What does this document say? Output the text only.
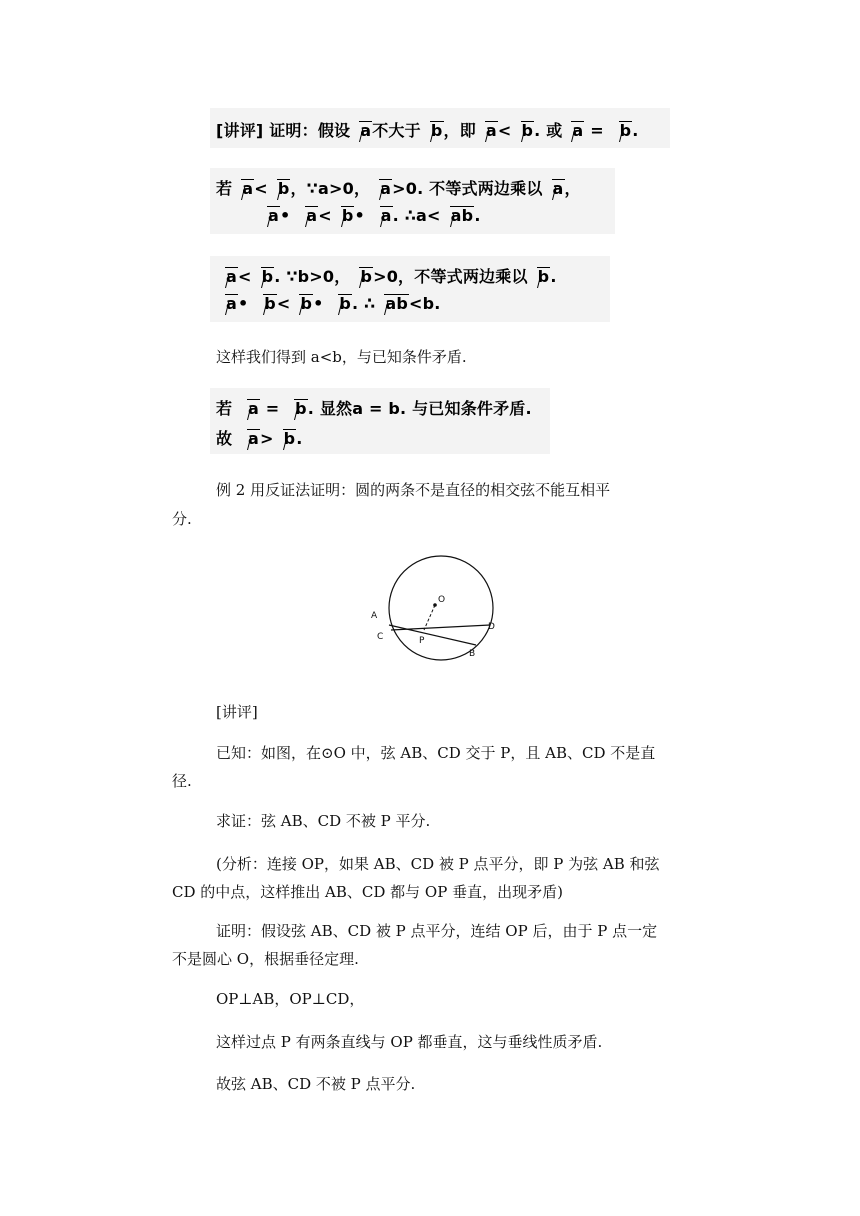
[讲评] 证明：假设 a不大于 b，即 a< b. 或 a = b.
若 a< b，∵a>0， a>0. 不等式两边乘以 a，
a• a< b• a. ∴a< ab.
a< b. ∵b>0， b>0，不等式两边乘以 b.
a• b< b• b. ∴ ab<b.
这样我们得到 a<b，与已知条件矛盾.
若 a = b. 显然a = b. 与已知条件矛盾.
故 a> b.
例 2 用反证法证明：圆的两条不是直径的相交弦不能互相平
分.
O
A
C	P
D
B
[讲评]
已知：如图，在⊙O 中，弦 AB、CD 交于 P，且 AB、CD 不是直
径.
求证：弦 AB、CD 不被 P 平分.
(分析：连接 OP，如果 AB、CD 被 P 点平分，即 P 为弦 AB 和弦
CD 的中点，这样推出 AB、CD 都与 OP 垂直，出现矛盾)
证明：假设弦 AB、CD 被 P 点平分，连结 OP 后，由于 P 点一定
不是圆心 O，根据垂径定理.
OP⊥AB，OP⊥CD，
这样过点 P 有两条直线与 OP 都垂直，这与垂线性质矛盾.
故弦 AB、CD 不被 P 点平分.
